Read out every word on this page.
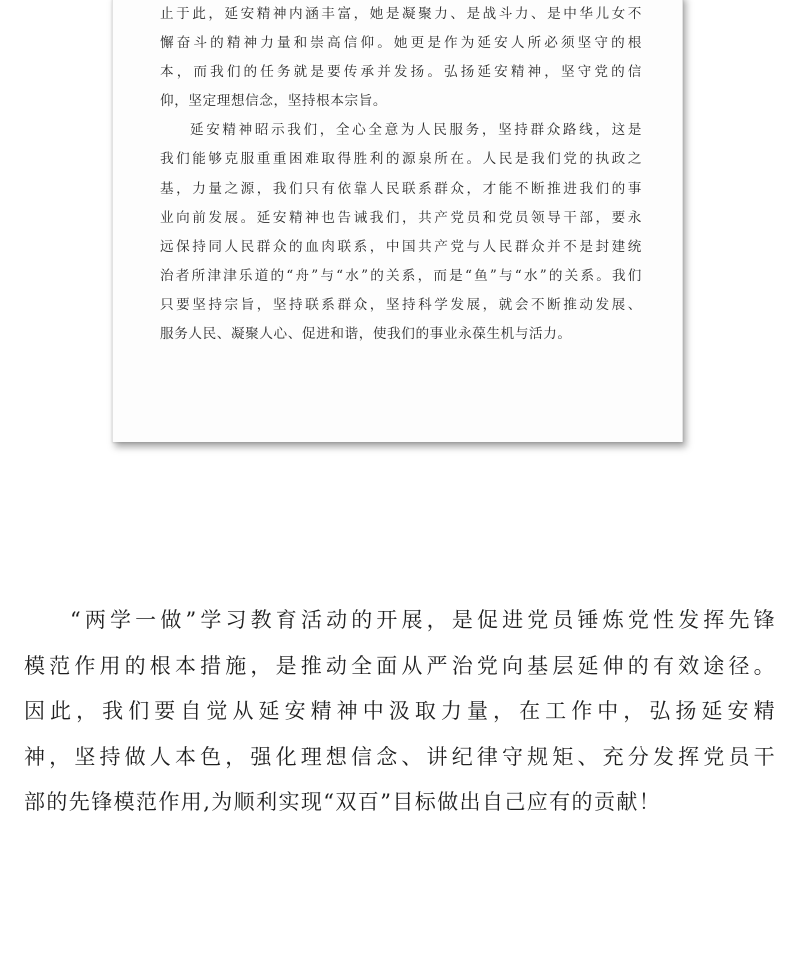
止于此，延安精神内涵丰富，她是凝聚力、是战斗力、是中华儿女不
懈奋斗的精神力量和崇高信仰。她更是作为延安人所必须坚守的根
本，而我们的任务就是要传承并发扬。弘扬延安精神，坚守党的信
仰，坚定理想信念，坚持根本宗旨。
延安精神昭示我们，全心全意为人民服务，坚持群众路线，这是
我们能够克服重重困难取得胜利的源泉所在。人民是我们党的执政之
基，力量之源，我们只有依靠人民联系群众，才能不断推进我们的事
业向前发展。延安精神也告诫我们，共产党员和党员领导干部，要永
远保持同人民群众的血肉联系，中国共产党与人民群众并不是封建统
治者所津津乐道的“舟”与“水”的关系，而是“鱼”与“水”的关系。我们
只要坚持宗旨，坚持联系群众，坚持科学发展，就会不断推动发展、
服务人民、凝聚人心、促进和谐，使我们的事业永葆生机与活力。
“两学一做”学习教育活动的开展，是促进党员锤炼党性发挥先锋
模范作用的根本措施，是推动全面从严治党向基层延伸的有效途径。
因此，我们要自觉从延安精神中汲取力量，在工作中，弘扬延安精
神，坚持做人本色，强化理想信念、讲纪律守规矩、充分发挥党员干
部的先锋模范作用,为顺利实现“双百”目标做出自己应有的贡献！
